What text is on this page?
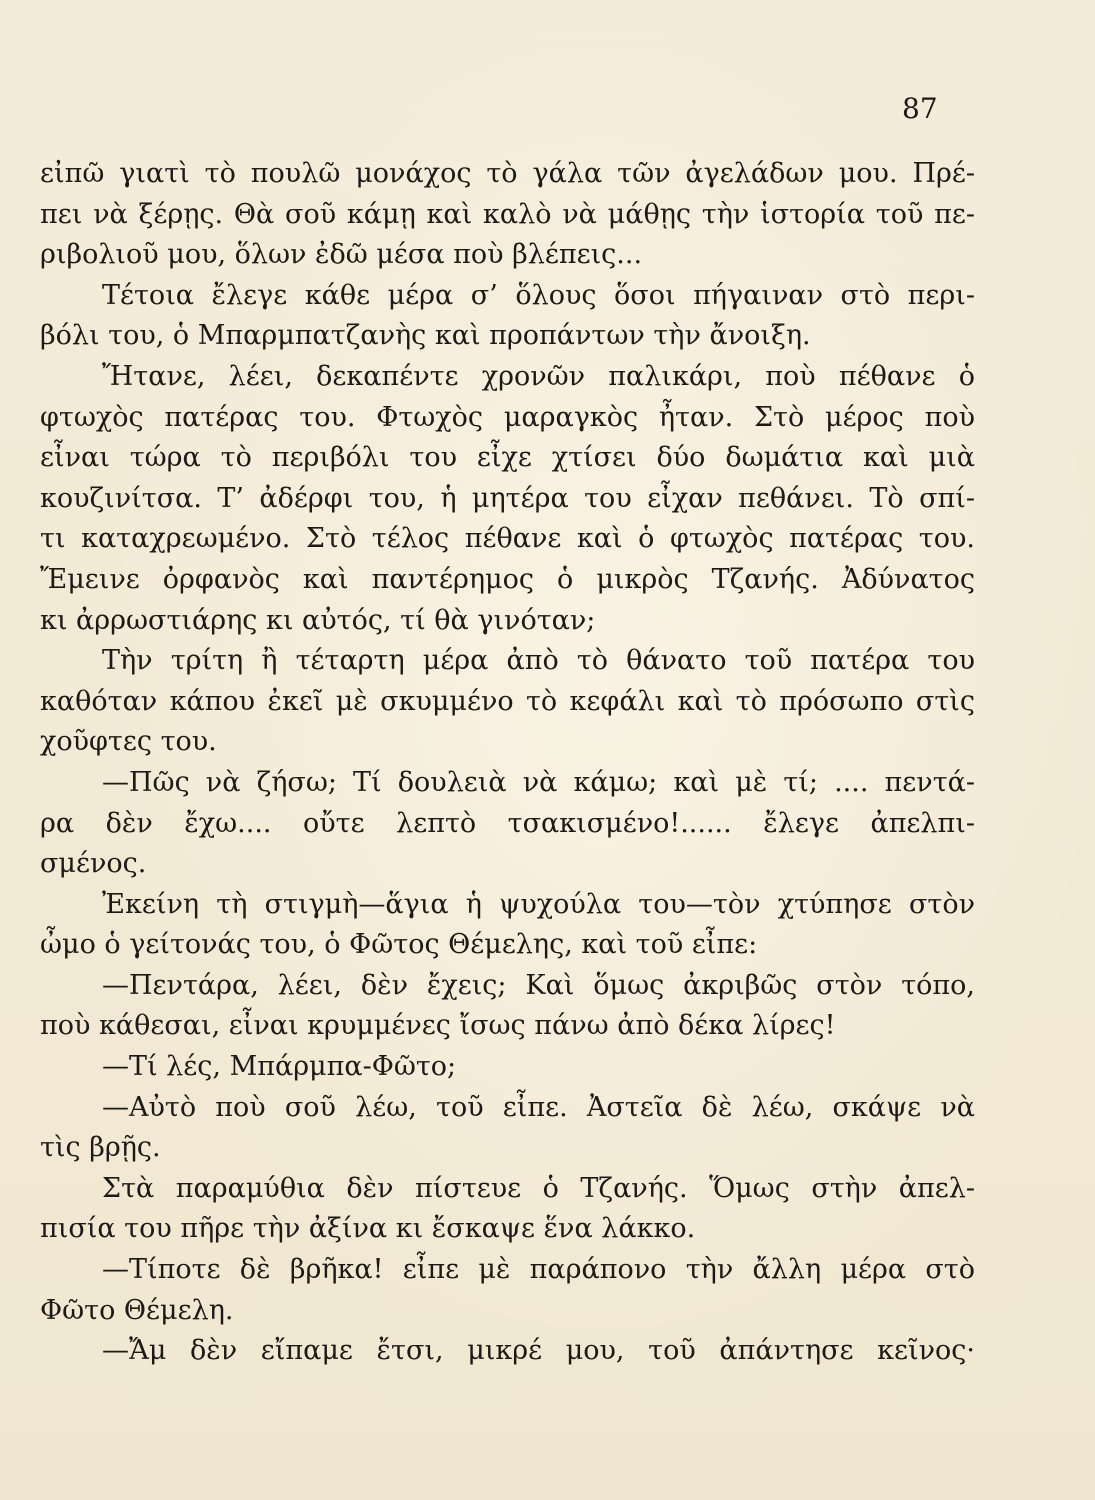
87
εἰπῶ γιατὶ τὸ πουλῶ μονάχος τὸ γάλα τῶν ἀγελάδων μου. Πρέ-
πει νὰ ξέρῃς. Θὰ σοῦ κάμῃ καὶ καλὸ νὰ μάθῃς τὴν ἱστορία τοῦ πε-
ριβολιοῦ μου, ὅλων ἐδῶ μέσα ποὺ βλέπεις...
Τέτοια ἔλεγε κάθε μέρα σ’ ὅλους ὅσοι πήγαιναν στὸ περι-
βόλι του, ὁ Μπαρμπατζανὴς καὶ προπάντων τὴν ἄνοιξη.
Ἤτανε, λέει, δεκαπέντε χρονῶν παλικάρι, ποὺ πέθανε ὁ
φτωχὸς πατέρας του. Φτωχὸς μαραγκὸς ἦταν. Στὸ μέρος ποὺ
εἶναι τώρα τὸ περιβόλι του εἶχε χτίσει δύο δωμάτια καὶ μιὰ
κουζινίτσα. Τ’ ἀδέρφι του, ἡ μητέρα του εἶχαν πεθάνει. Τὸ σπί-
τι καταχρεωμένο. Στὸ τέλος πέθανε καὶ ὁ φτωχὸς πατέρας του.
Ἔμεινε ὀρφανὸς καὶ παντέρημος ὁ μικρὸς Τζανής. Ἀδύνατος
κι ἀρρωστιάρης κι αὐτός, τί θὰ γινόταν;
Τὴν τρίτη ἢ τέταρτη μέρα ἀπὸ τὸ θάνατο τοῦ πατέρα του
καθόταν κάπου ἐκεῖ μὲ σκυμμένο τὸ κεφάλι καὶ τὸ πρόσωπο στὶς
χοῦφτες του.
—Πῶς νὰ ζήσω; Τί δουλειὰ νὰ κάμω; καὶ μὲ τί; .... πεντά-
ρα δὲν ἔχω.... οὔτε λεπτὸ τσακισμένο!...... ἔλεγε ἀπελπι-
σμένος.
Ἐκείνη τὴ στιγμὴ—ἅγια ἡ ψυχούλα του—τὸν χτύπησε στὸν
ὦμο ὁ γείτονάς του, ὁ Φῶτος Θέμελης, καὶ τοῦ εἶπε:
—Πεντάρα, λέει, δὲν ἔχεις; Καὶ ὅμως ἀκριβῶς στὸν τόπο,
ποὺ κάθεσαι, εἶναι κρυμμένες ἴσως πάνω ἀπὸ δέκα λίρες!
—Τί λές, Μπάρμπα-Φῶτο;
—Αὐτὸ ποὺ σοῦ λέω, τοῦ εἶπε. Ἀστεῖα δὲ λέω, σκάψε νὰ
τὶς βρῇς.
Στὰ παραμύθια δὲν πίστευε ὁ Τζανής. Ὅμως στὴν ἀπελ-
πισία του πῆρε τὴν ἀξίνα κι ἔσκαψε ἕνα λάκκο.
—Τίποτε δὲ βρῆκα! εἶπε μὲ παράπονο τὴν ἄλλη μέρα στὸ
Φῶτο Θέμελη.
—Ἄμ δὲν εἴπαμε ἔτσι, μικρέ μου, τοῦ ἀπάντησε κεῖνος·
